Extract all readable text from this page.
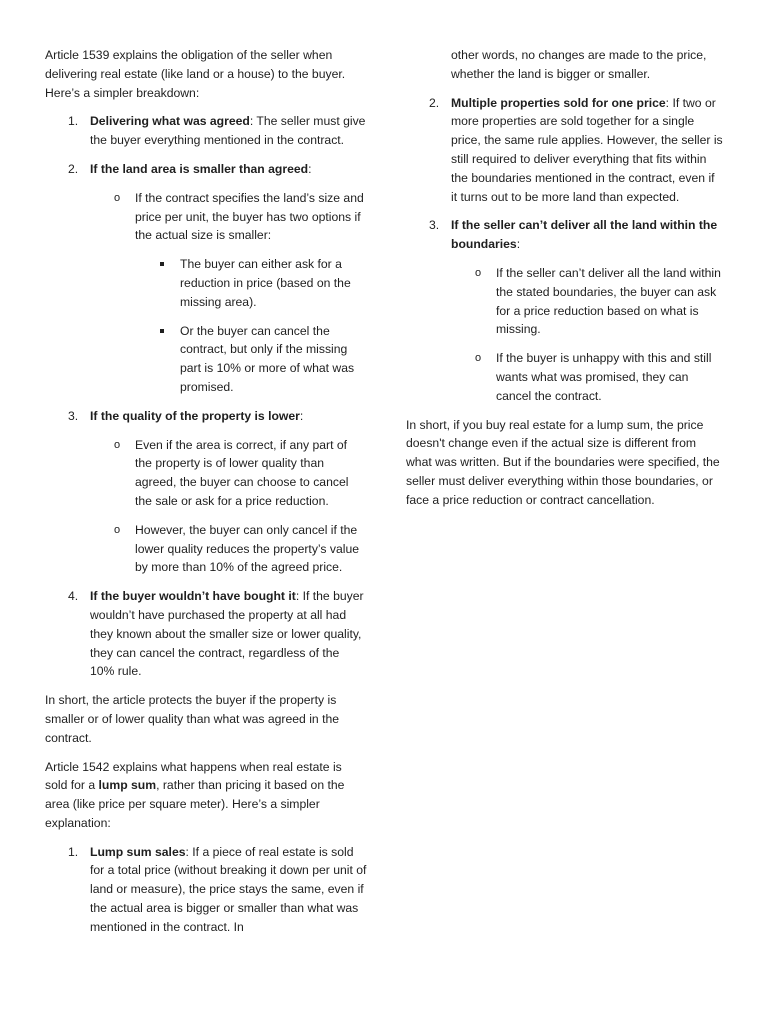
Article 1539 explains the obligation of the seller when delivering real estate (like land or a house) to the buyer. Here’s a simpler breakdown:

1 . Delivering what was agreed: The seller must give the buyer everything mentioned in the contract.
2 . If the land area is smaller than agreed:
o If the contract specifies the land’s size and price per unit, the buyer has two options if the actual size is smaller:
The buyer can either ask for a reduction in price (based on the missing area).
Or the buyer can cancel the contract, but only if the missing part is 10% or more of what was promised.
3 . If the quality of the property is lower:
o Even if the area is correct, if any part of the property is of lower quality than agreed, the buyer can choose to cancel the sale or ask for a price reduction.
o However, the buyer can only cancel if the lower quality reduces the property’s value by more than 10% of the agreed price.
4 . If the buyer wouldn’t have bought it: If the buyer wouldn’t have purchased the property at all had they known about the smaller size or lower quality, they can cancel the contract, regardless of the 10% rule.

In short, the article protects the buyer if the property is smaller or of lower quality than what was agreed in the contract.

Article 1542 explains what happens when real estate is sold for a lump sum, rather than pricing it based on the area (like price per square meter). Here’s a simpler explanation:

1 . Lump sum sales: If a piece of real estate is sold for a total price (without breaking it down per unit of land or measure), the price stays the same, even if the actual area is bigger or smaller than what was mentioned in the contract. In
other words, no changes are made to the price, whether the land is bigger or smaller.
2 . Multiple properties sold for one price: If two or more properties are sold together for a single price, the same rule applies. However, the seller is still required to deliver everything that fits within the boundaries mentioned in the contract, even if it turns out to be more land than expected.
3 . If the seller can’t deliver all the land within the boundaries:
o If the seller can’t deliver all the land within the stated boundaries, the buyer can ask for a price reduction based on what is missing.
o If the buyer is unhappy with this and still wants what was promised, they can cancel the contract.

In short, if you buy real estate for a lump sum, the price doesn't change even if the actual size is different from what was written. But if the boundaries were specified, the seller must deliver everything within those boundaries, or face a price reduction or contract cancellation.
